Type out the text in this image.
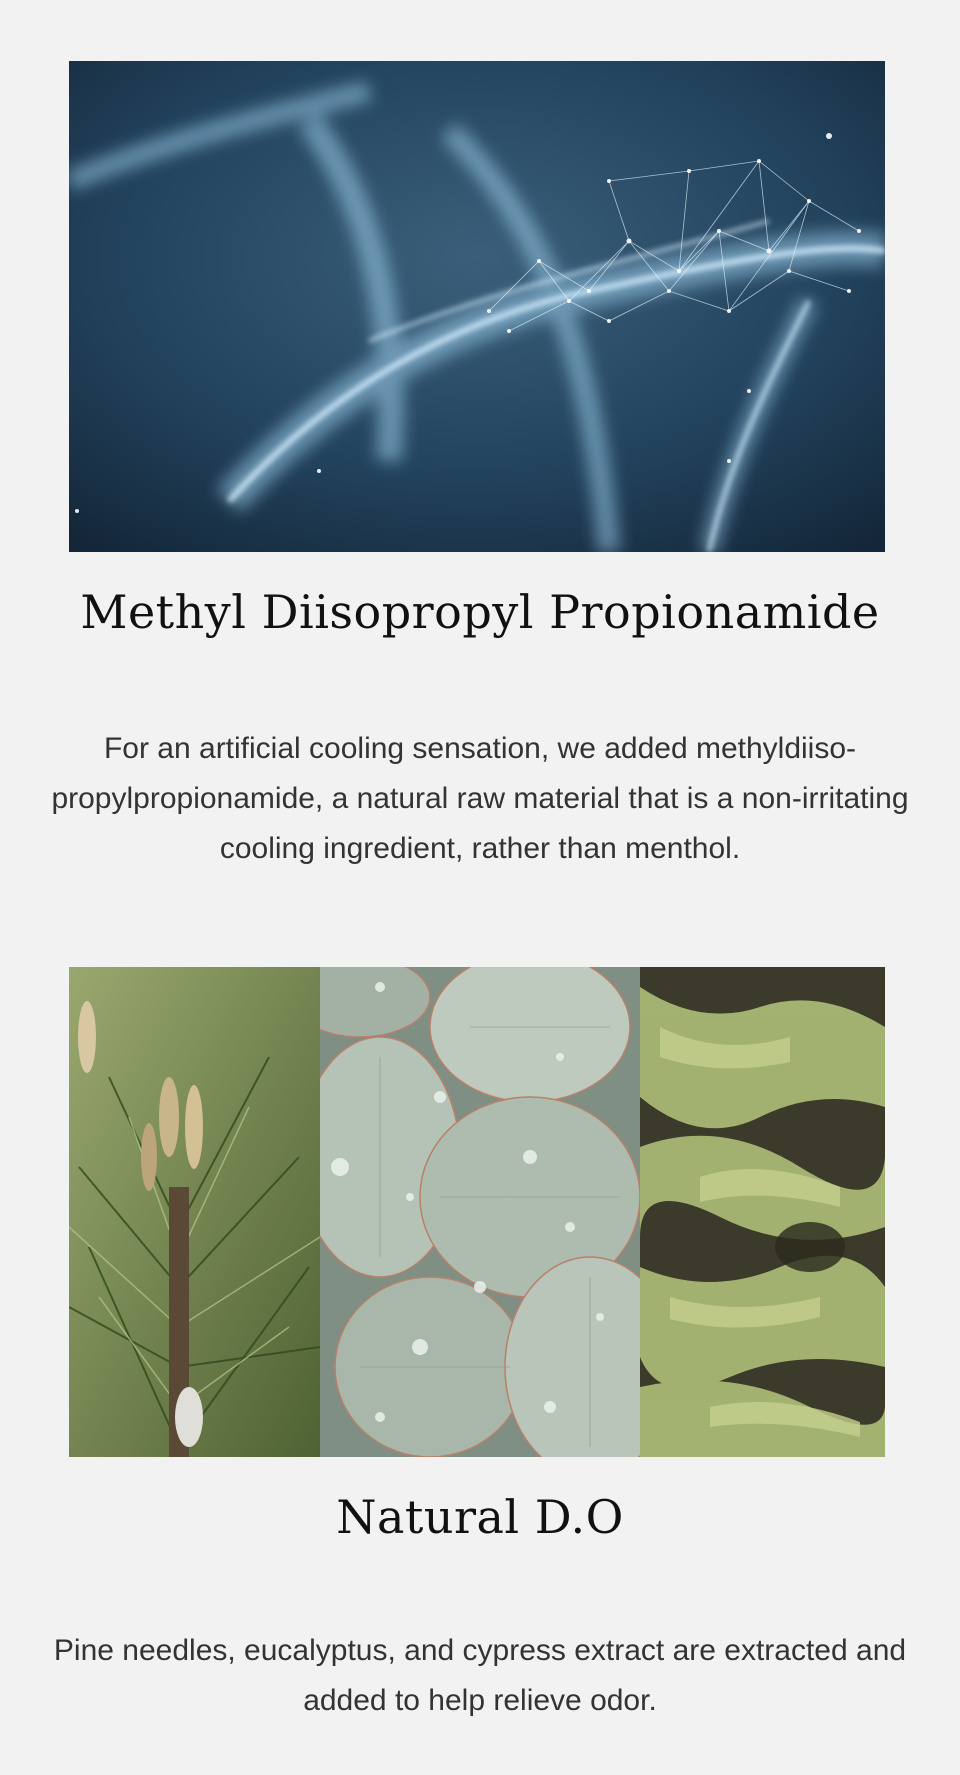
Methyl Diisopropyl Propionamide
For an artificial cooling sensation, we added methyldiiso-propylpropionamide, a natural raw material that is a non-irritating cooling ingredient, rather than menthol.
Natural D.O
Pine needles, eucalyptus, and cypress extract are extracted and added to help relieve odor.
